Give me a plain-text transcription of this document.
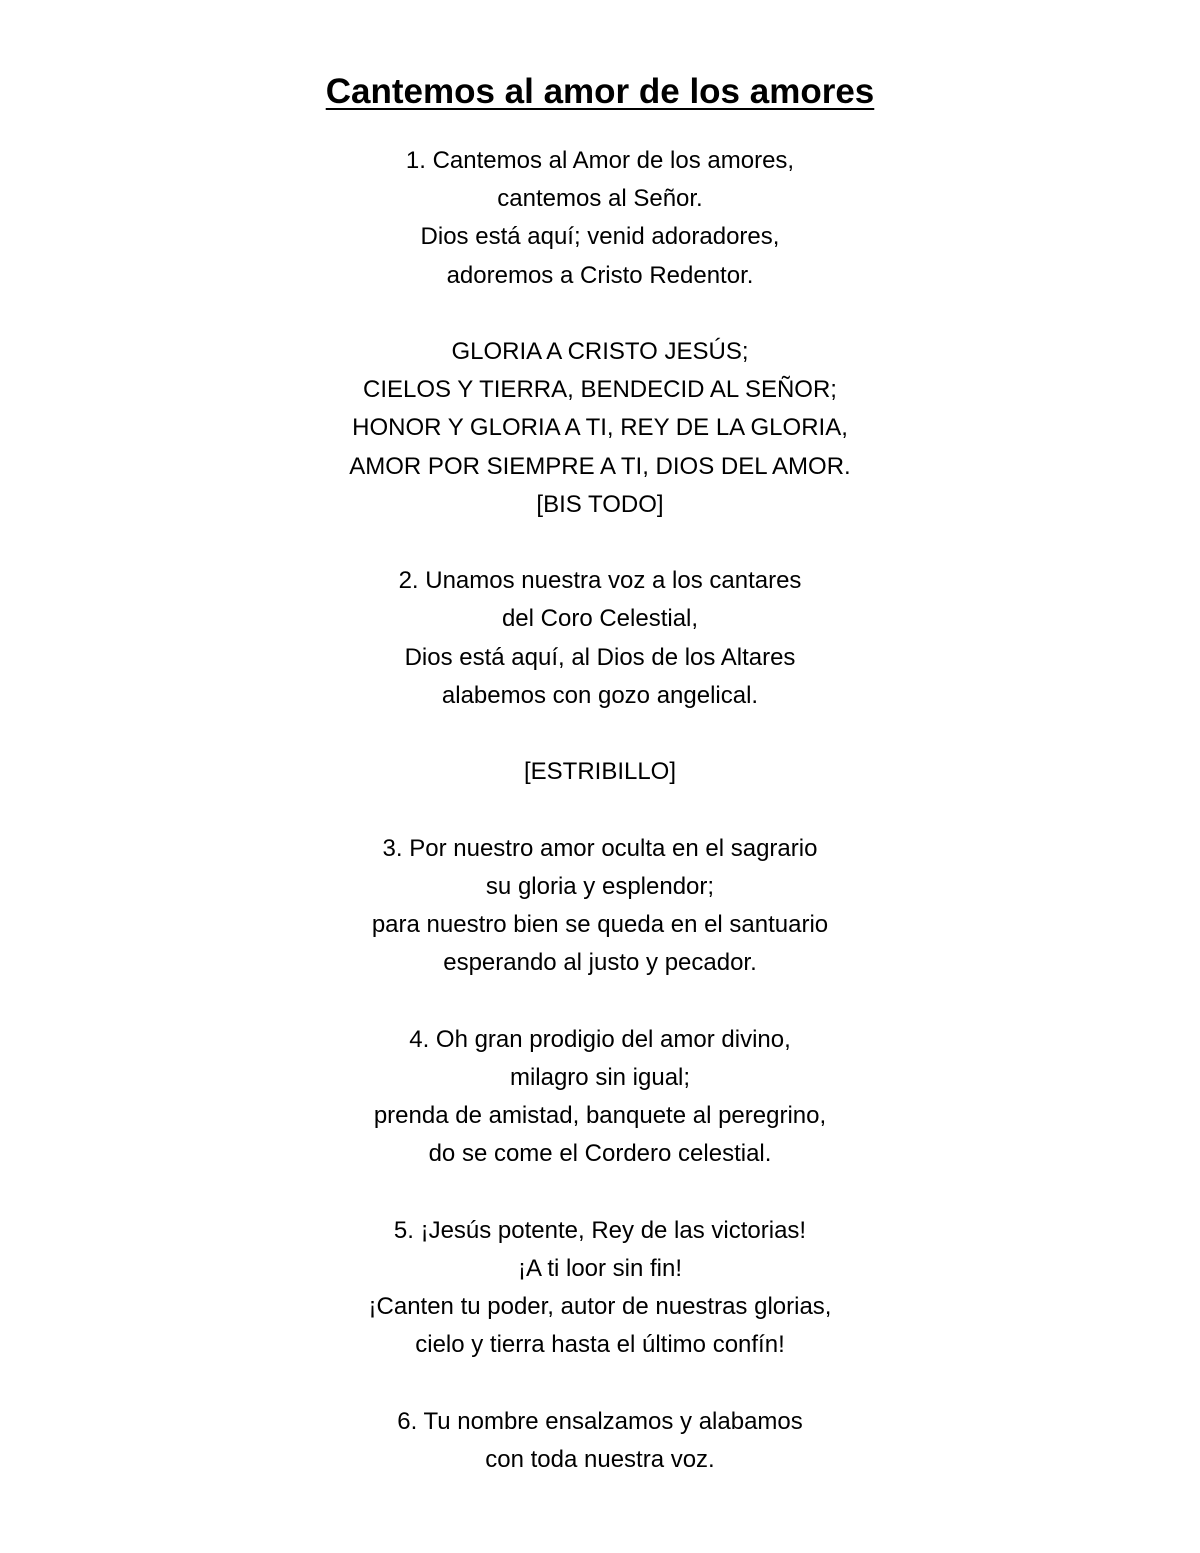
Cantemos al amor de los amores

1. Cantemos al Amor de los amores,
cantemos al Señor.
Dios está aquí; venid adoradores,
adoremos a Cristo Redentor.

GLORIA A CRISTO JESÚS;
CIELOS Y TIERRA, BENDECID AL SEÑOR;
HONOR Y GLORIA A TI, REY DE LA GLORIA,
AMOR POR SIEMPRE A TI, DIOS DEL AMOR.
[BIS TODO]

2. Unamos nuestra voz a los cantares
del Coro Celestial,
Dios está aquí, al Dios de los Altares
alabemos con gozo angelical.

[ESTRIBILLO]

3. Por nuestro amor oculta en el sagrario
su gloria y esplendor;
para nuestro bien se queda en el santuario
esperando al justo y pecador.

4. Oh gran prodigio del amor divino,
milagro sin igual;
prenda de amistad, banquete al peregrino,
do se come el Cordero celestial.

5. ¡Jesús potente, Rey de las victorias!
¡A ti loor sin fin!
¡Canten tu poder, autor de nuestras glorias,
cielo y tierra hasta el último confín!

6. Tu nombre ensalzamos y alabamos
con toda nuestra voz.
